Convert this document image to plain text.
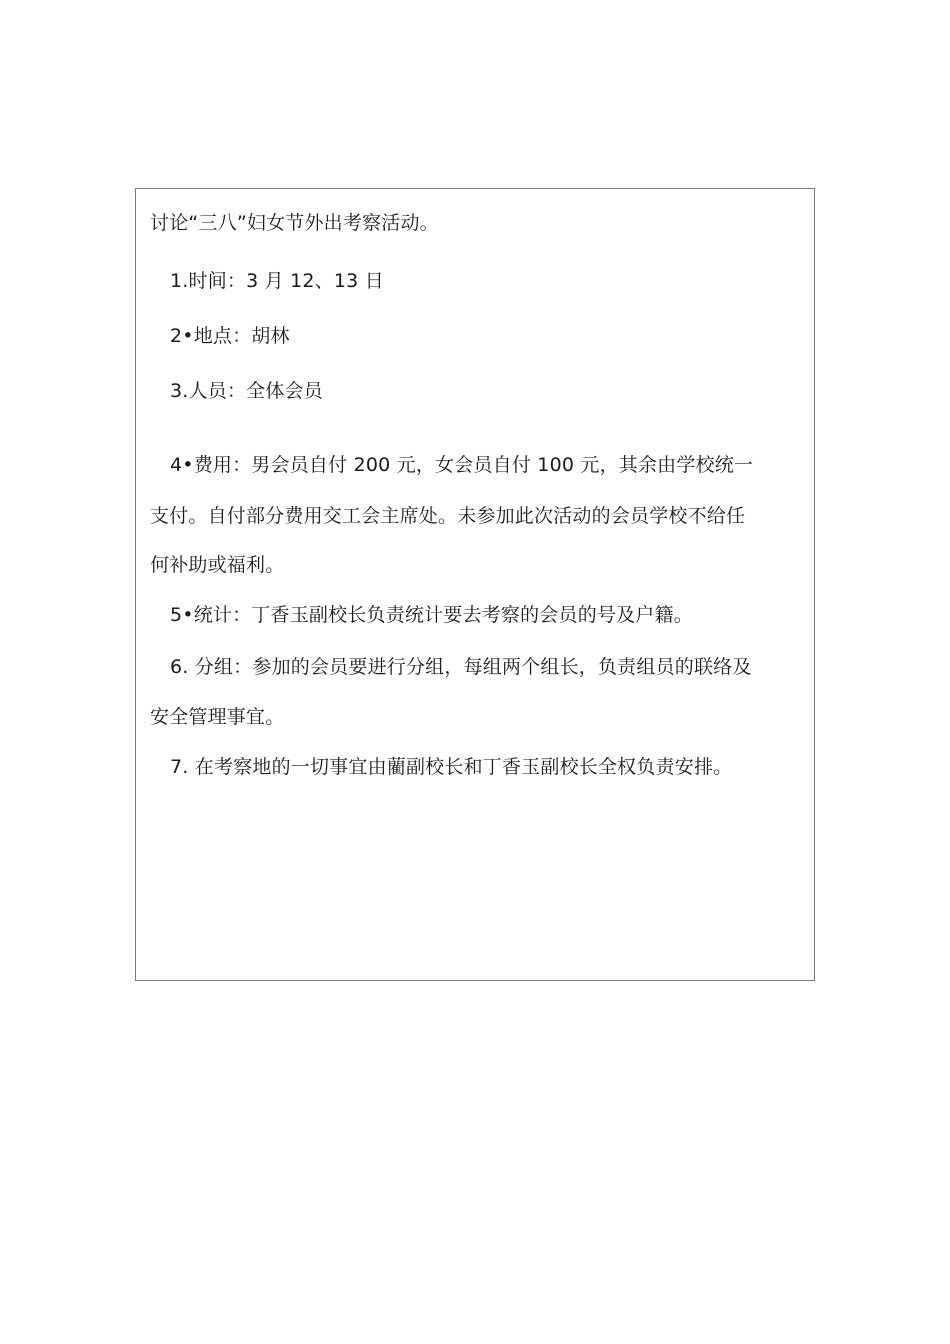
讨论“三八”妇女节外出考察活动。
1.时间：3 月 12、13 日
2•地点：胡林
3.人员：全体会员
4•费用：男会员自付 200 元，女会员自付 100 元，其余由学校统一
支付。自付部分费用交工会主席处。未参加此次活动的会员学校不给任
何补助或福利。
5•统计：丁香玉副校长负责统计要去考察的会员的号及户籍。
6. 分组：参加的会员要进行分组，每组两个组长，负责组员的联络及
安全管理事宜。
7. 在考察地的一切事宜由藺副校长和丁香玉副校长全权负责安排。
